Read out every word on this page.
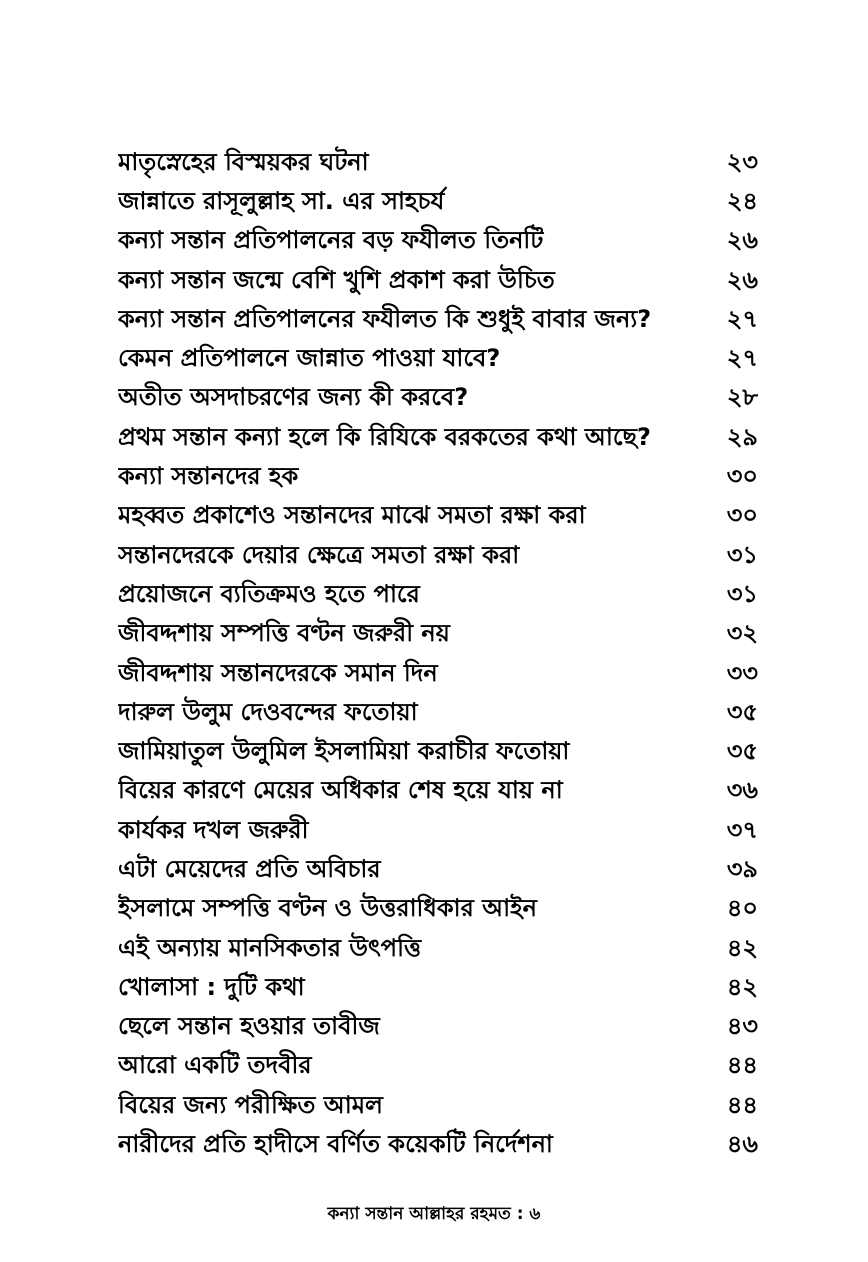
মাতৃস্নেহের বিস্ময়কর ঘটনা	২৩
জান্নাতে রাসূলুল্লাহ সা. এর সাহচর্য	২৪
কন্যা সন্তান প্রতিপালনের বড় ফযীলত তিনটি	২৬
কন্যা সন্তান জন্মে বেশি খুশি প্রকাশ করা উচিত	২৬
কন্যা সন্তান প্রতিপালনের ফযীলত কি শুধুই বাবার জন্য?	২৭
কেমন প্রতিপালনে জান্নাত পাওয়া যাবে?	২৭
অতীত অসদাচরণের জন্য কী করবে?	২৮
প্রথম সন্তান কন্যা হলে কি রিযিকে বরকতের কথা আছে?	২৯
কন্যা সন্তানদের হক	৩০
মহব্বত প্রকাশেও সন্তানদের মাঝে সমতা রক্ষা করা	৩০
সন্তানদেরকে দেয়ার ক্ষেত্রে সমতা রক্ষা করা	৩১
প্রয়োজনে ব্যতিক্রমও হতে পারে	৩১
জীবদ্দশায় সম্পত্তি বণ্টন জরুরী নয়	৩২
জীবদ্দশায় সন্তানদেরকে সমান দিন	৩৩
দারুল উলুম দেওবন্দের ফতোয়া	৩৫
জামিয়াতুল উলুমিল ইসলামিয়া করাচীর ফতোয়া	৩৫
বিয়ের কারণে মেয়ের অধিকার শেষ হয়ে যায় না	৩৬
কার্যকর দখল জরুরী	৩৭
এটা মেয়েদের প্রতি অবিচার	৩৯
ইসলামে সম্পত্তি বণ্টন ও উত্তরাধিকার আইন	৪০
এই অন্যায় মানসিকতার উৎপত্তি	৪২
খোলাসা : দুটি কথা	৪২
ছেলে সন্তান হওয়ার তাবীজ	৪৩
আরো একটি তদবীর	৪৪
বিয়ের জন্য পরীক্ষিত আমল	৪৪
নারীদের প্রতি হাদীসে বর্ণিত কয়েকটি নির্দেশনা	৪৬
কন্যা সন্তান আল্লাহর রহমত : ৬
